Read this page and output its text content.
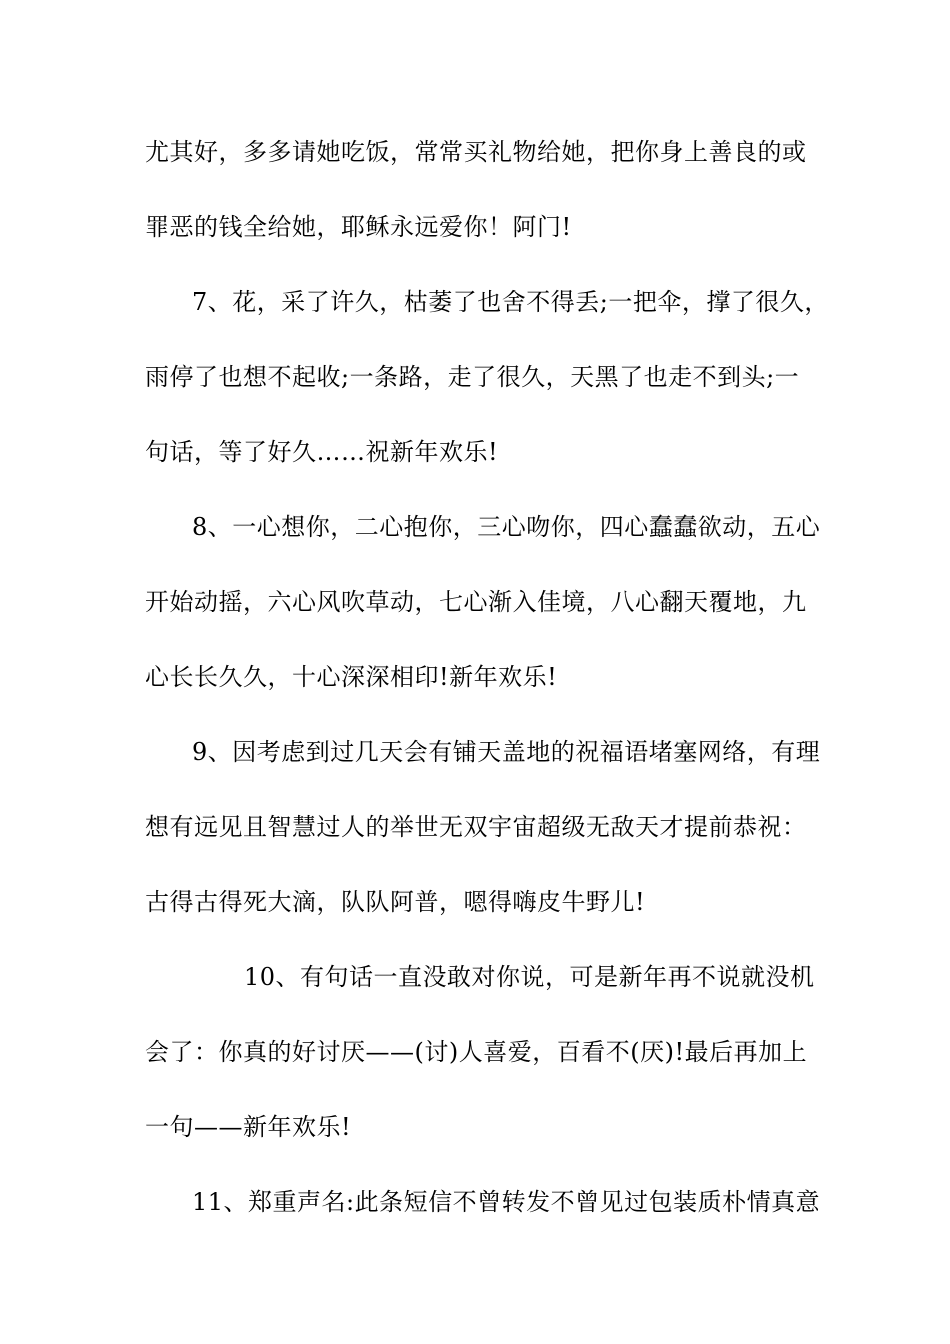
尤其好，多多请她吃饭，常常买礼物给她，把你身上善良的或
罪恶的钱全给她，耶稣永远爱你！阿门!
7、花，采了许久，枯萎了也舍不得丢;一把伞，撑了很久，
雨停了也想不起收;一条路，走了很久，天黑了也走不到头;一
句话，等了好久……祝新年欢乐!
8、一心想你，二心抱你，三心吻你，四心蠢蠢欲动，五心
开始动摇，六心风吹草动，七心渐入佳境，八心翻天覆地，九
心长长久久，十心深深相印!新年欢乐!
9、因考虑到过几天会有铺天盖地的祝福语堵塞网络，有理
想有远见且智慧过人的举世无双宇宙超级无敌天才提前恭祝：
古得古得死大滴，队队阿普，嗯得嗨皮牛野儿!
10、有句话一直没敢对你说，可是新年再不说就没机
会了：你真的好讨厌——(讨)人喜爱，百看不(厌)!最后再加上
一句——新年欢乐!
11、郑重声名:此条短信不曾转发不曾见过包装质朴情真意
